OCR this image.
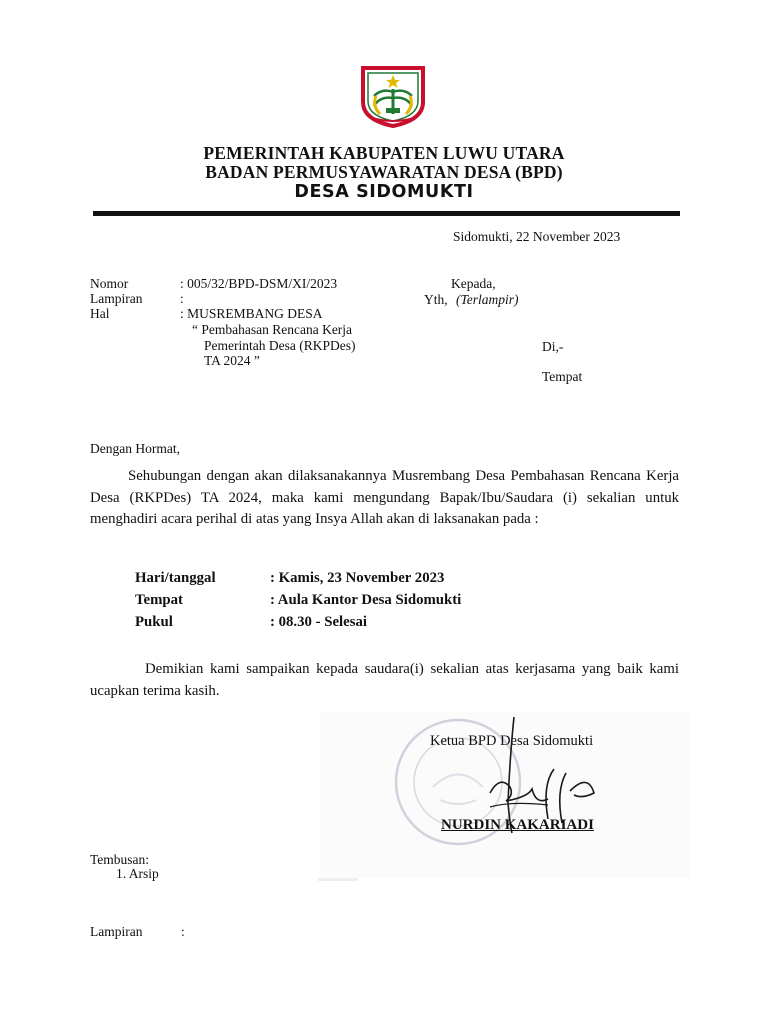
PEMERINTAH KABUPATEN LUWU UTARA
BADAN PERMUSYAWARATAN DESA (BPD)
DESA SIDOMUKTI
Sidomukti, 22 November 2023
Nomor	: 005/32/BPD-DSM/XI/2023
Lampiran	:
Hal	: MUSREMBANG DESA
“ Pembahasan Rencana Kerja
Pemerintah Desa (RKPDes)
TA 2024 ”
Kepada,
Yth, (Terlampir)
Di,-
Tempat
Dengan Hormat,
Sehubungan dengan akan dilaksanakannya Musrembang Desa Pembahasan Rencana Kerja Desa (RKPDes) TA 2024, maka kami mengundang Bapak/Ibu/Saudara (i) sekalian untuk menghadiri acara perihal di atas yang Insya Allah akan di laksanakan pada :
Hari/tanggal	: Kamis, 23 November 2023
Tempat	: Aula Kantor Desa Sidomukti
Pukul	: 08.30 - Selesai
Demikian kami sampaikan kepada saudara(i) sekalian atas kerjasama yang baik kami ucapkan terima kasih.
Ketua BPD Desa Sidomukti
NURDIN KAKARIADI
Tembusan:
1. Arsip
Lampiran	:
